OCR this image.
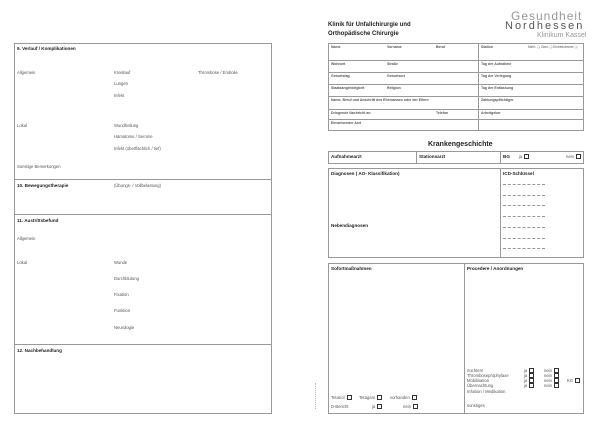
9. Verlauf / Komplikationen
Allgemein	Kreislauf	Thrombose / Embolie
Lungen
Infekt
Lokal	Wundheilung
Hämatome / Serome
Infekt (oberflächlich / tief)
Sonstige Bemerkungen
10. Bewegungstherapie	(Übungs- / Vollbelastung)
11. Austrittsbefund
Allgemein
Lokal	Wunde
Durchblutung
Fixation
Funktion
Neurologie
12. Nachbehandlung
Klinik für Unfallchirurgie und
Orthopädische Chirurgie
Gesundheit
Nordhessen
Klinikum Kassel
Name	Vorname	Beruf	Station	Mehr- ❑ Zwei- ❑ Einbettzimmer ❑
Wohnort	Straße	Tag der Aufnahme
Geburtstag	Geburtsort	Tag der Verlegung
Staatsangehörigkeit	Religion	Tag der Entlassung
Name, Beruf und Anschrift des Ehemannes oder der Eltern	Zahlungspflichtiger
Dringende Nachricht an	Telefon	Arbeitgeber
Einweisender Arzt
Krankengeschichte
Aufnahmearzt	Stationsarzt	BG ja	nein
Diagnosen ( AO- Klassifikation)	ICD-Schlüssel
Nebendiagnosen
Sofortmaßnahmen	Procedere / Anordnungen
Tetanol	Tetagam	vorhanden
D-Bericht	ja	nein
nüchtern	ja	nein
Thromboseprophylaxe	ja	nein
Mobilisation	ja	nein	KG
Übernachtung	ja	nein
Infusion / Medikation
sonstiges
